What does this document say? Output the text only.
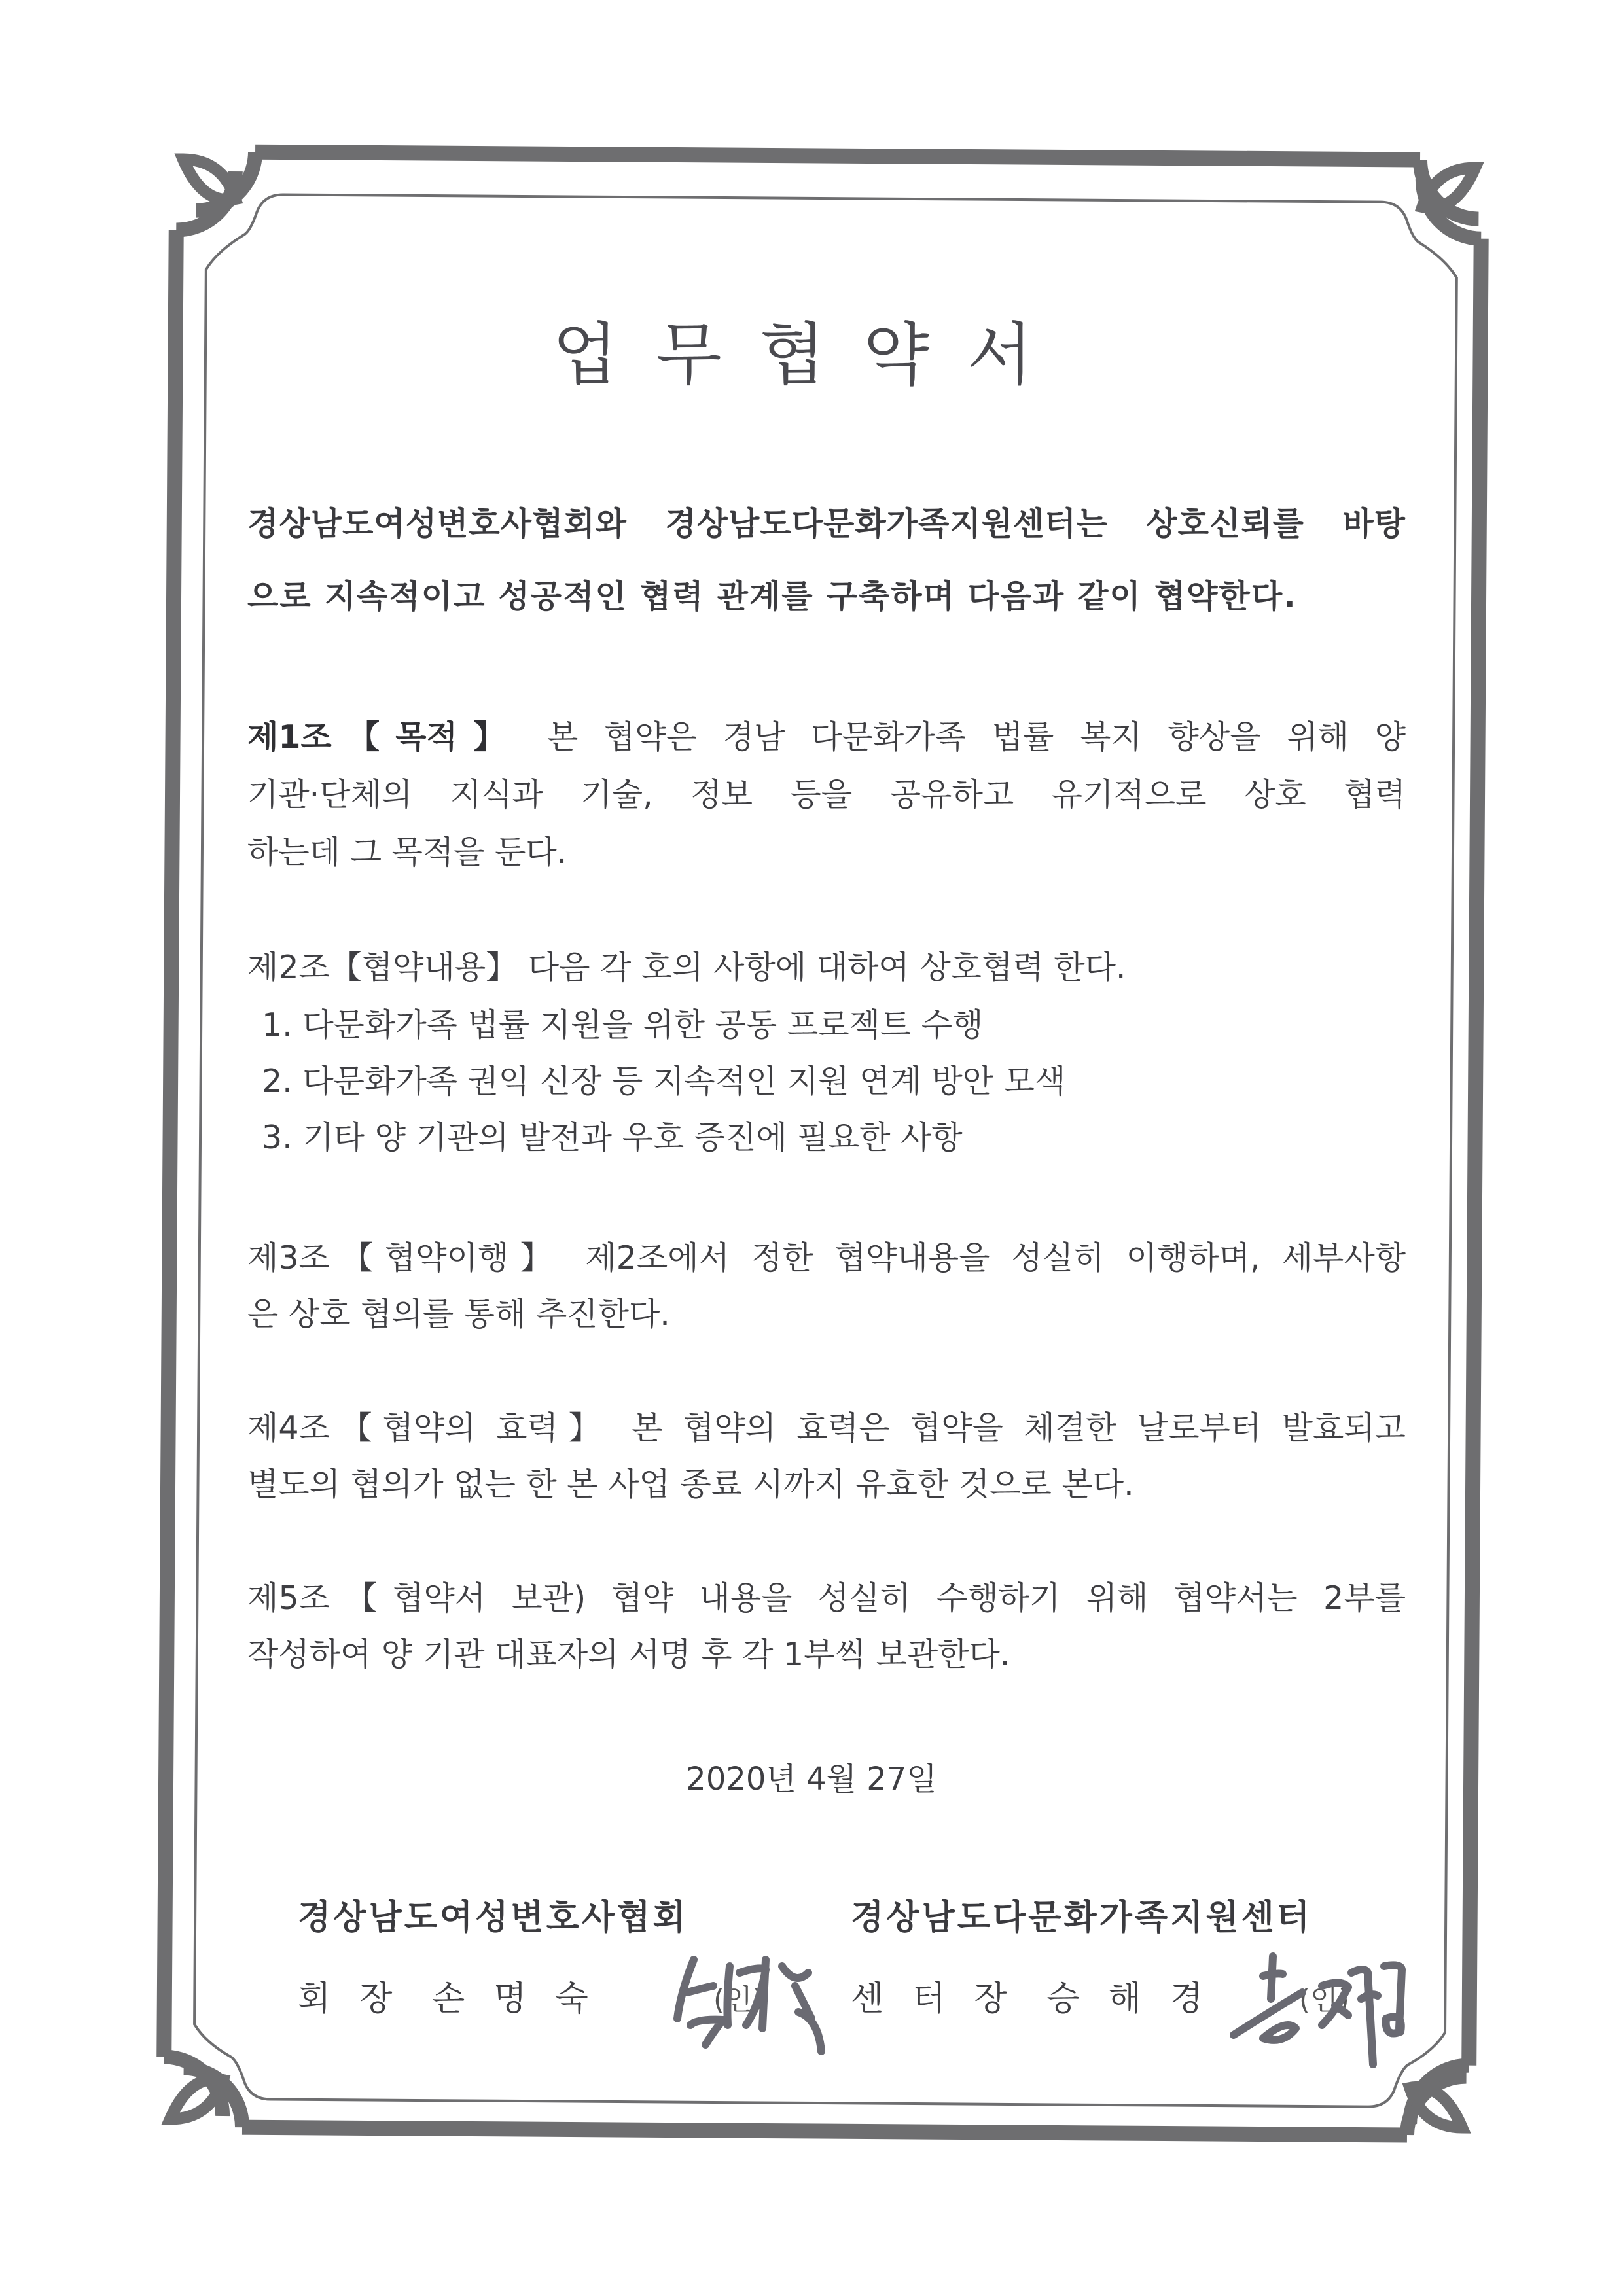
업무협약서
경상남도여성변호사협회와 경상남도다문화가족지원센터는 상호신뢰를 바탕
으로 지속적이고 성공적인 협력 관계를 구축하며 다음과 같이 협약한다.
제1조【목적】 본 협약은 경남 다문화가족 법률 복지 향상을 위해 양
기관·단체의 지식과 기술, 정보 등을 공유하고 유기적으로 상호 협력
하는데 그 목적을 둔다.
제2조【협약내용】 다음 각 호의 사항에 대하여 상호협력 한다.
1. 다문화가족 법률 지원을 위한 공동 프로젝트 수행
2. 다문화가족 권익 신장 등 지속적인 지원 연계 방안 모색
3. 기타 양 기관의 발전과 우호 증진에 필요한 사항
제3조【협약이행】 제2조에서 정한 협약내용을 성실히 이행하며, 세부사항
은 상호 협의를 통해 추진한다.
제4조【협약의 효력】 본 협약의 효력은 협약을 체결한 날로부터 발효되고
별도의 협의가 없는 한 본 사업 종료 시까지 유효한 것으로 본다.
제5조【협약서 보관) 협약 내용을 성실히 수행하기 위해 협약서는 2부를
작성하여 양 기관 대표자의 서명 후 각 1부씩 보관한다.
2020년 4월 27일
경상남도여성변호사협회	경상남도다문화가족지원센터
회장 손명숙	(인)	센터장 승해경 (인)
